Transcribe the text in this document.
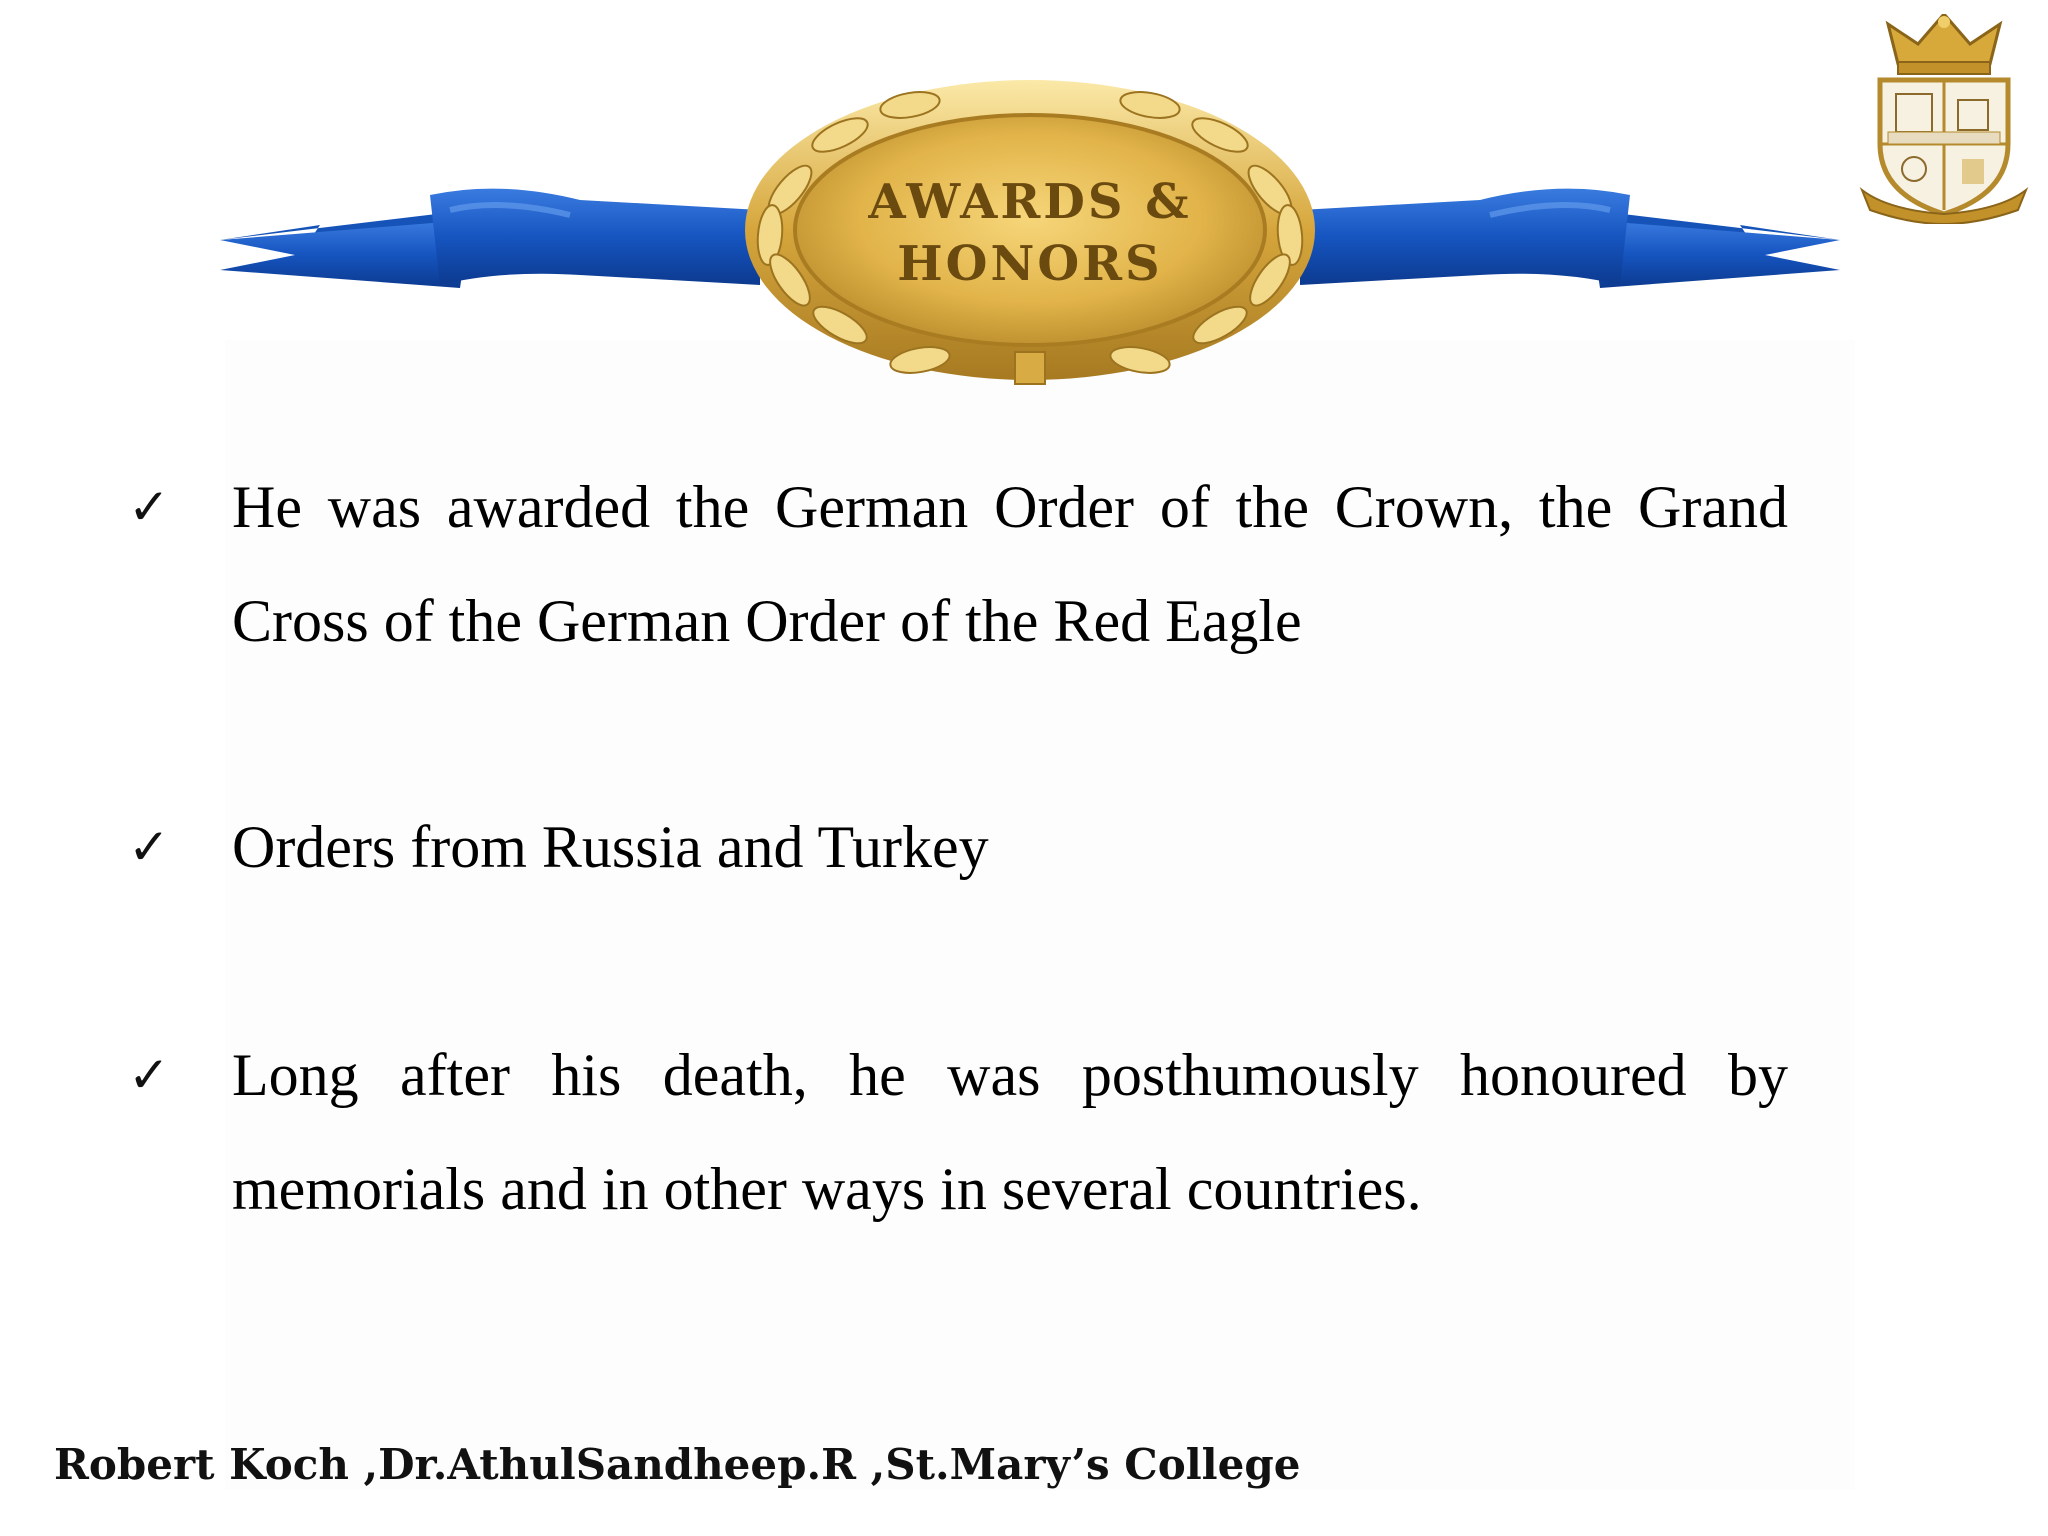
AWARDS &
HONORS
✓ He was awarded the German Order of the Crown, the Grand Cross of the German Order of the Red Eagle
✓ Orders from Russia and Turkey
✓ Long after his death, he was posthumously honoured by memorials and in other ways in several countries.
Robert Koch ,Dr.AthulSandheep.R ,St.Mary’s College
